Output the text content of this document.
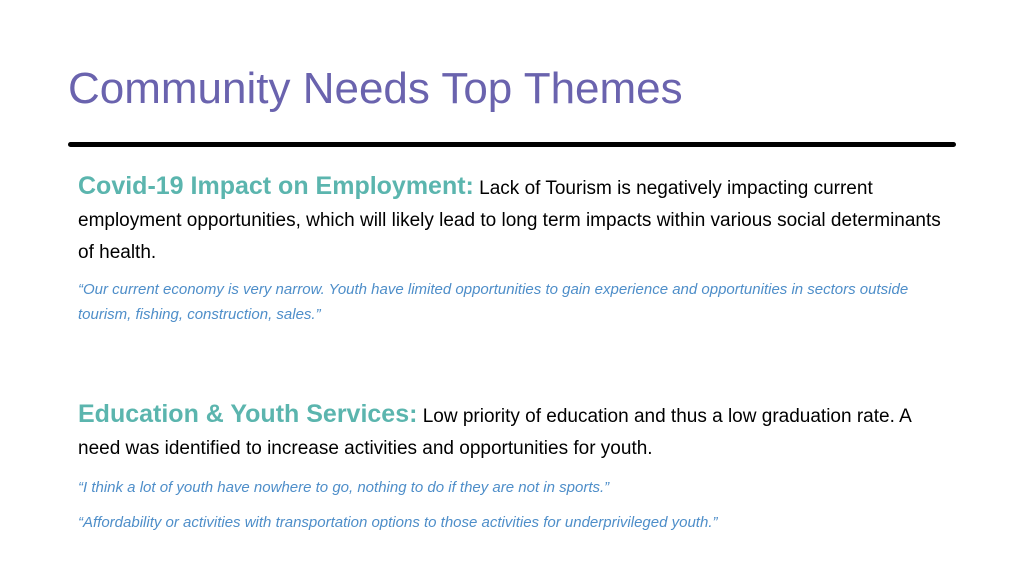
Community Needs Top Themes

Covid-19 Impact on Employment: Lack of Tourism is negatively impacting current employment opportunities, which will likely lead to long term impacts within various social determinants of health.

“Our current economy is very narrow. Youth have limited opportunities to gain experience and opportunities in sectors outside tourism, fishing, construction, sales.”

Education & Youth Services: Low priority of education and thus a low graduation rate. A need was identified to increase activities and opportunities for youth.

“I think a lot of youth have nowhere to go, nothing to do if they are not in sports.”

“Affordability or activities with transportation options to those activities for underprivileged youth.”
